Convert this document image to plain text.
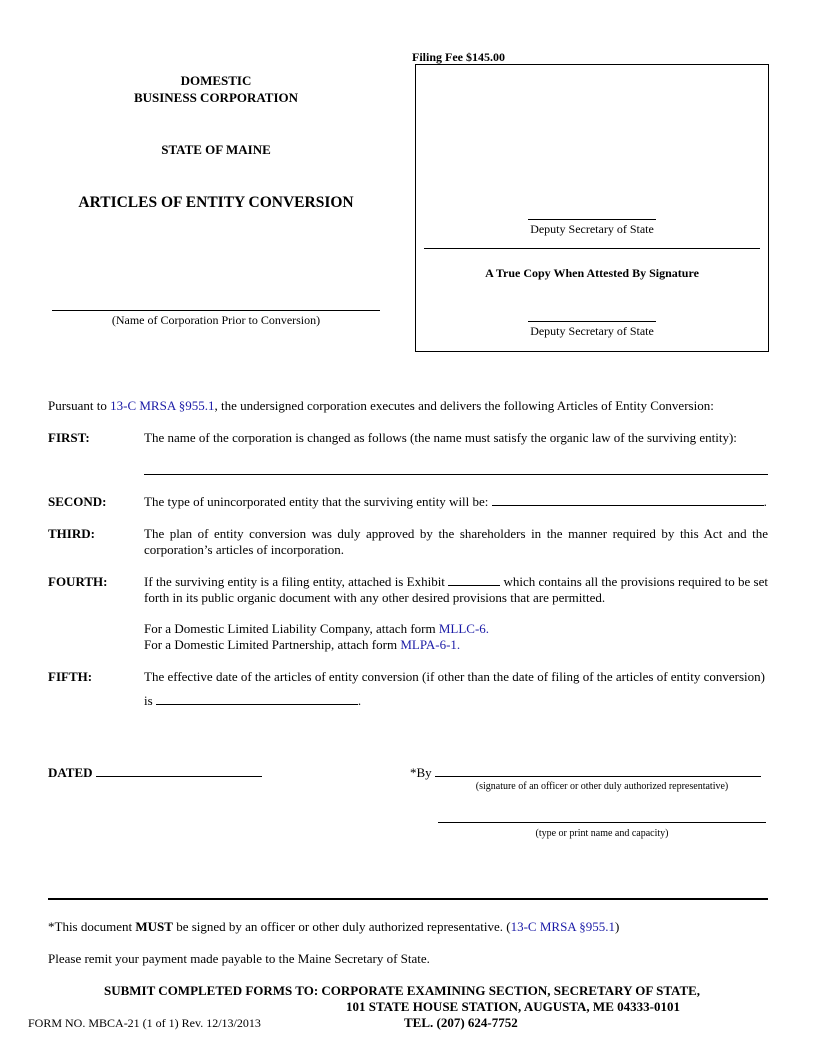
DOMESTIC
BUSINESS CORPORATION
STATE OF MAINE
ARTICLES OF ENTITY CONVERSION
(Name of Corporation Prior to Conversion)
Filing Fee $145.00
Deputy Secretary of State
A True Copy When Attested By Signature
Deputy Secretary of State
Pursuant to 13-C MRSA §955.1, the undersigned corporation executes and delivers the following Articles of Entity Conversion:
FIRST:	The name of the corporation is changed as follows (the name must satisfy the organic law of the surviving entity):
SECOND:	The type of unincorporated entity that the surviving entity will be:	.
THIRD:	The plan of entity conversion was duly approved by the shareholders in the manner required by this Act and the corporation’s articles of incorporation.
FOURTH:	If the surviving entity is a filing entity, attached is Exhibit	which contains all the provisions required to be set forth in its public organic document with any other desired provisions that are permitted.
For a Domestic Limited Liability Company, attach form MLLC-6.
For a Domestic Limited Partnership, attach form MLPA-6-1.
FIFTH:	The effective date of the articles of entity conversion (if other than the date of filing of the articles of entity conversion)
is	.
DATED	*By
(signature of an officer or other duly authorized representative)
(type or print name and capacity)
*This document MUST be signed by an officer or other duly authorized representative. (13-C MRSA §955.1)
Please remit your payment made payable to the Maine Secretary of State.
SUBMIT COMPLETED FORMS TO: CORPORATE EXAMINING SECTION, SECRETARY OF STATE,
101 STATE HOUSE STATION, AUGUSTA, ME 04333-0101
TEL. (207) 624-7752
FORM NO. MBCA-21 (1 of 1) Rev. 12/13/2013
